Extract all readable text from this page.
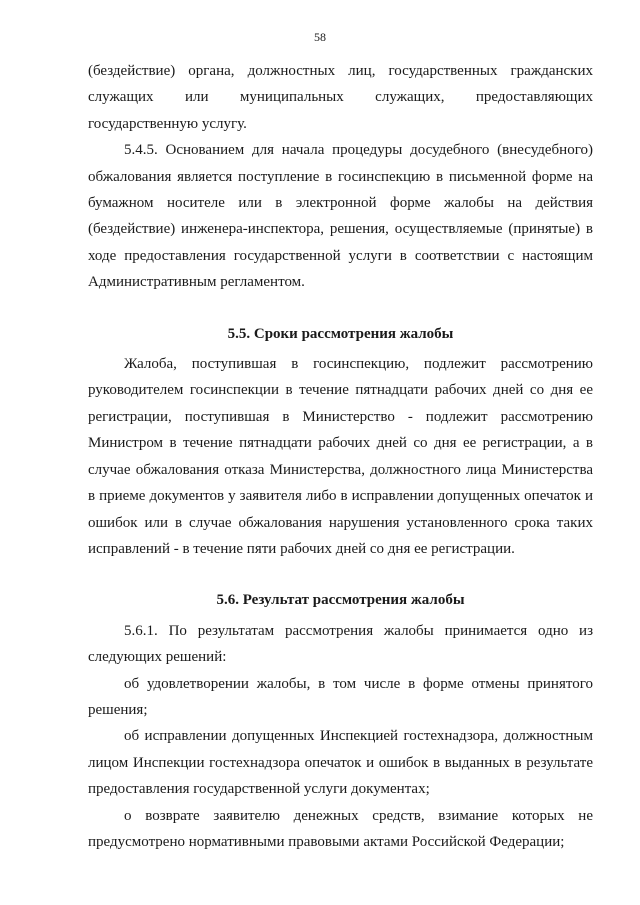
58

(бездействие) органа, должностных лиц, государственных гражданских служащих или муниципальных служащих, предоставляющих государственную услугу.

5.4.5. Основанием для начала процедуры досудебного (внесудебного) обжалования является поступление в госинспекцию в письменной форме на бумажном носителе или в электронной форме жалобы на действия (бездействие) инженера-инспектора, решения, осуществляемые (принятые) в ходе предоставления государственной услуги в соответствии с настоящим Административным регламентом.

5.5. Сроки рассмотрения жалобы

Жалоба, поступившая в госинспекцию, подлежит рассмотрению руководителем госинспекции в течение пятнадцати рабочих дней со дня ее регистрации, поступившая в Министерство - подлежит рассмотрению Министром в течение пятнадцати рабочих дней со дня ее регистрации, а в случае обжалования отказа Министерства, должностного лица Министерства в приеме документов у заявителя либо в исправлении допущенных опечаток и ошибок или в случае обжалования нарушения установленного срока таких исправлений - в течение пяти рабочих дней со дня ее регистрации.

5.6. Результат рассмотрения жалобы

5.6.1. По результатам рассмотрения жалобы принимается одно из следующих решений:

об удовлетворении жалобы, в том числе в форме отмены принятого решения;

об исправлении допущенных Инспекцией гостехнадзора, должностным лицом Инспекции гостехнадзора опечаток и ошибок в выданных в результате предоставления государственной услуги документах;

о возврате заявителю денежных средств, взимание которых не предусмотрено нормативными правовыми актами Российской Федерации;
